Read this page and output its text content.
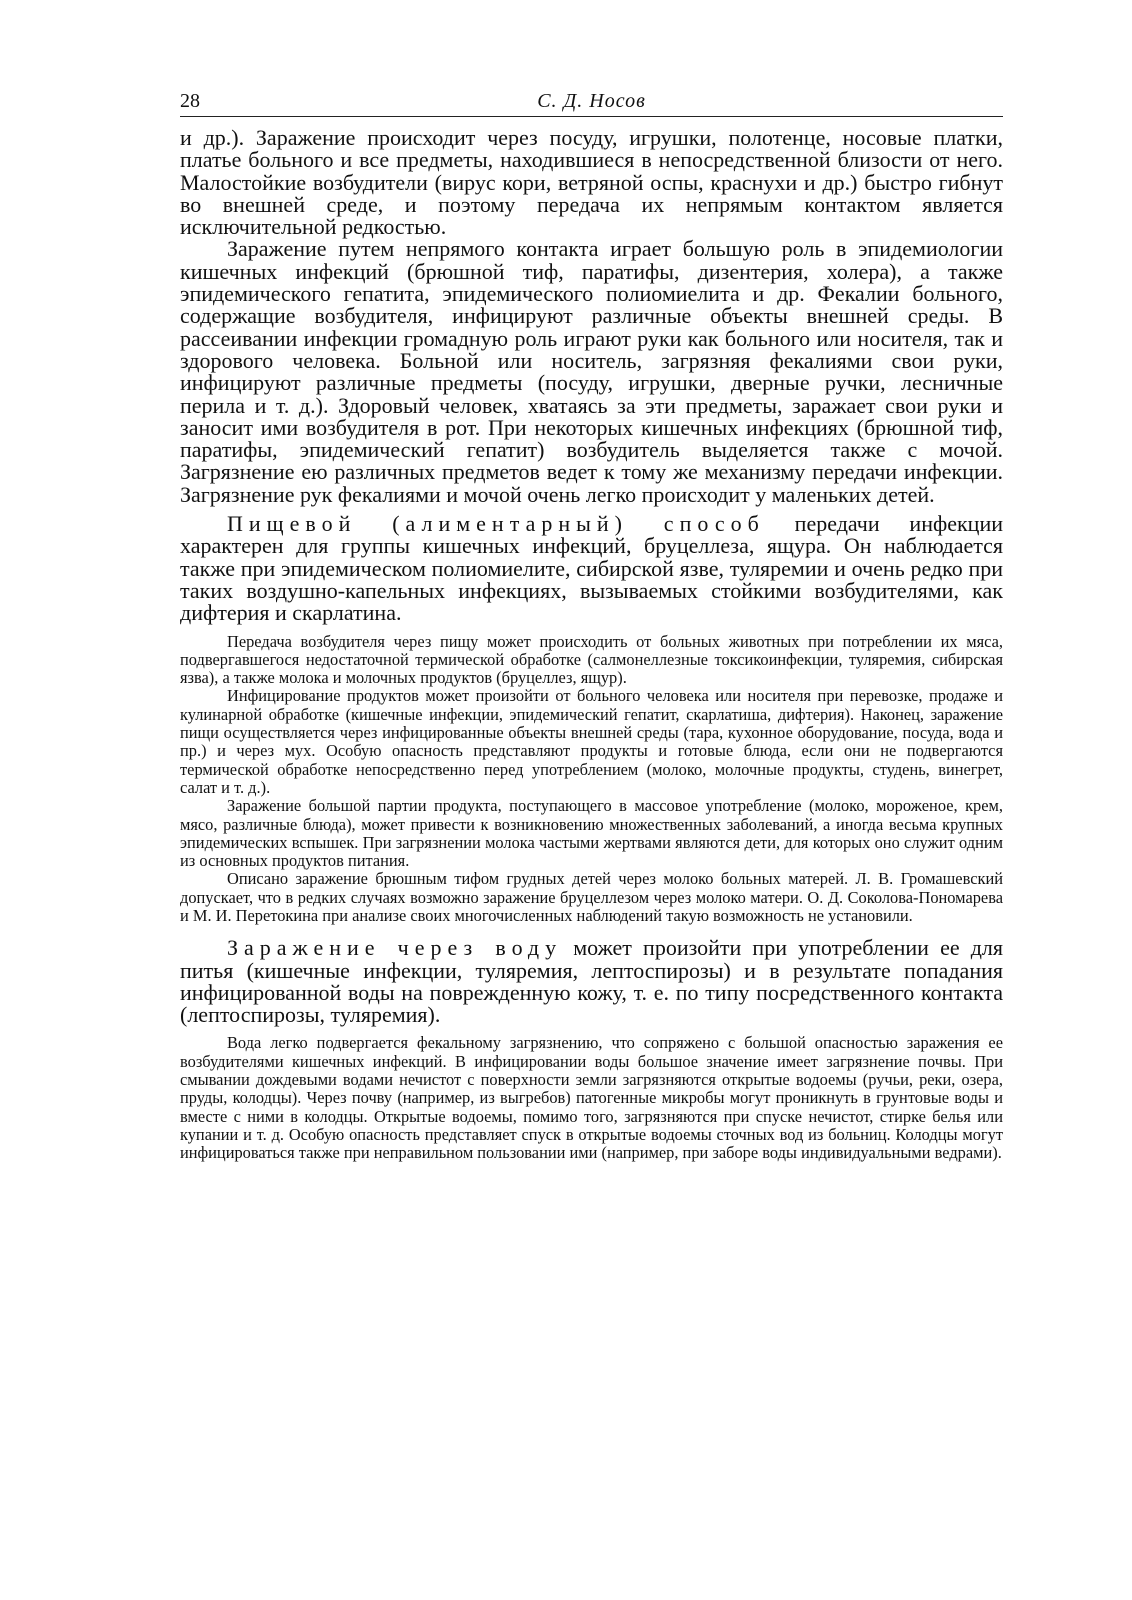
28	С. Д. Носов

и др.). Заражение происходит через посуду, игрушки, полотенце, носовые платки, платье больного и все предметы, находившиеся в непосредственной близости от него. Малостойкие возбудители (вирус кори, ветряной оспы, краснухи и др.) быстро гибнут во внешней среде, и поэтому передача их непрямым контактом является исключительной редкостью.

Заражение путем непрямого контакта играет большую роль в эпидемиологии кишечных инфекций (брюшной тиф, паратифы, дизентерия, холера), а также эпидемического гепатита, эпидемического полиомиелита и др. Фекалии больного, содержащие возбудителя, инфицируют различные объекты внешней среды. В рассеивании инфекции громадную роль играют руки как больного или носителя, так и здорового человека. Больной или носитель, загрязняя фекалиями свои руки, инфицируют различные предметы (посуду, игрушки, дверные ручки, лесничные перила и т. д.). Здоровый человек, хватаясь за эти предметы, заражает свои руки и заносит ими возбудителя в рот. При некоторых кишечных инфекциях (брюшной тиф, паратифы, эпидемический гепатит) возбудитель выделяется также с мочой. Загрязнение ею различных предметов ведет к тому же механизму передачи инфекции. Загрязнение рук фекалиями и мочой очень легко происходит у маленьких детей.

Пищевой (алиментарный) способ передачи инфекции характерен для группы кишечных инфекций, бруцеллеза, ящура. Он наблюдается также при эпидемическом полиомиелите, сибирской язве, туляремии и очень редко при таких воздушно-капельных инфекциях, вызываемых стойкими возбудителями, как дифтерия и скарлатина.

Передача возбудителя через пищу может происходить от больных животных при потреблении их мяса, подвергавшегося недостаточной термической обработке (салмонеллезные токсикоинфекции, туляремия, сибирская язва), а также молока и молочных продуктов (бруцеллез, ящур).

Инфицирование продуктов может произойти от больного человека или носителя при перевозке, продаже и кулинарной обработке (кишечные инфекции, эпидемический гепатит, скарлатиша, дифтерия). Наконец, заражение пищи осуществляется через инфицированные объекты внешней среды (тара, кухонное оборудование, посуда, вода и пр.) и через мух. Особую опасность представляют продукты и готовые блюда, если они не подвергаются термической обработке непосредственно перед употреблением (молоко, молочные продукты, студень, винегрет, салат и т. д.).

Заражение большой партии продукта, поступающего в массовое употребление (молоко, мороженое, крем, мясо, различные блюда), может привести к возникновению множественных заболеваний, а иногда весьма крупных эпидемических вспышек. При загрязнении молока частыми жертвами являются дети, для которых оно служит одним из основных продуктов питания.

Описано заражение брюшным тифом грудных детей через молоко больных матерей. Л. В. Громашевский допускает, что в редких случаях возможно заражение бруцеллезом через молоко матери. О. Д. Соколова-Пономарева и М. И. Перетокина при анализе своих многочисленных наблюдений такую возможность не установили.

Заражение через воду может произойти при употреблении ее для питья (кишечные инфекции, туляремия, лептоспирозы) и в результате попадания инфицированной воды на поврежденную кожу, т. е. по типу посредственного контакта (лептоспирозы, туляремия).

Вода легко подвергается фекальному загрязнению, что сопряжено с большой опасностью заражения ее возбудителями кишечных инфекций. В инфицировании воды большое значение имеет загрязнение почвы. При смывании дождевыми водами нечистот с поверхности земли загрязняются открытые водоемы (ручьи, реки, озера, пруды, колодцы). Через почву (например, из выгребов) патогенные микробы могут проникнуть в грунтовые воды и вместе с ними в колодцы. Открытые водоемы, помимо того, загрязняются при спуске нечистот, стирке белья или купании и т. д. Особую опасность представляет спуск в открытые водоемы сточных вод из больниц. Колодцы могут инфицироваться также при неправильном пользовании ими (например, при заборе воды индивидуальными ведрами).
